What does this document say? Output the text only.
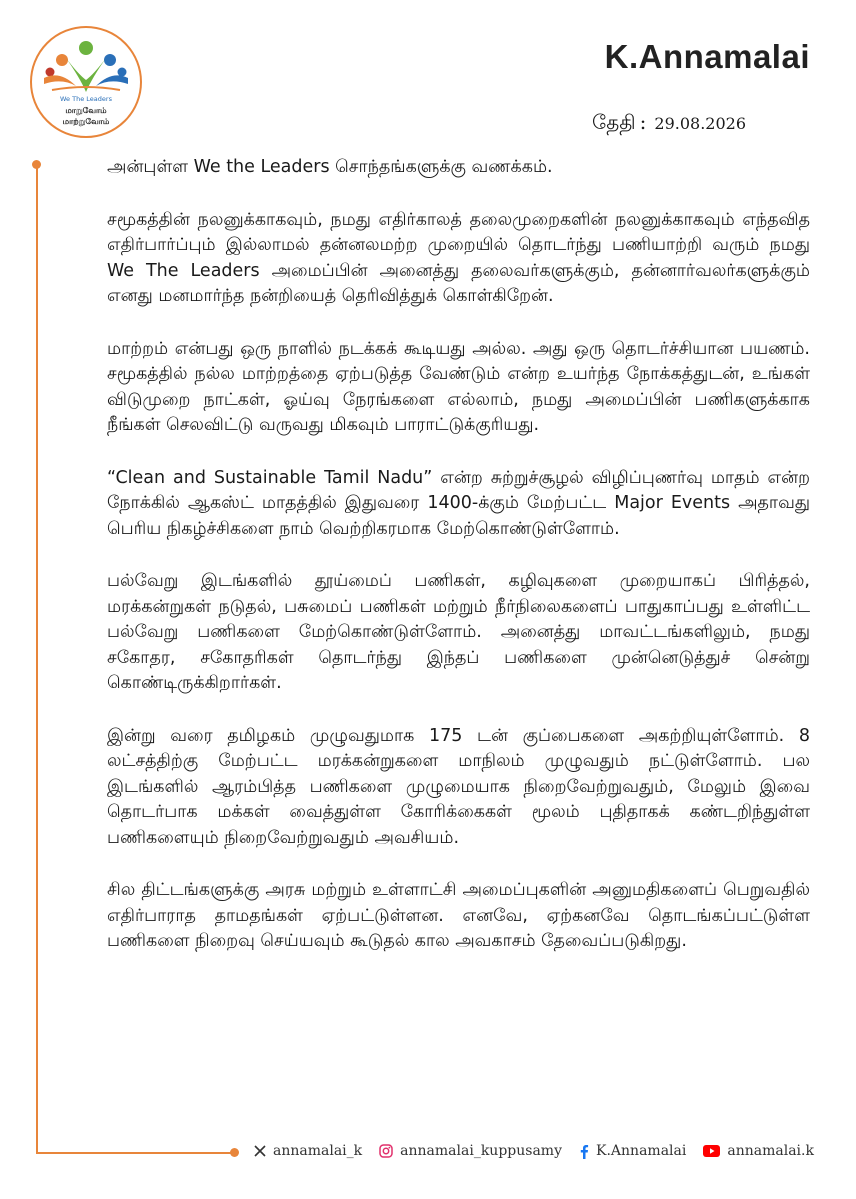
We The Leaders
மாறுவோம்
மாற்றுவோம்
K.Annamalai
தேதி : 29.08.2026

அன்புள்ள We the Leaders சொந்தங்களுக்கு வணக்கம்.

சமூகத்தின் நலனுக்காகவும், நமது எதிர்காலத் தலைமுறைகளின் நலனுக்காகவும் எந்தவித எதிர்பார்ப்பும் இல்லாமல் தன்னலமற்ற முறையில் தொடர்ந்து பணியாற்றி வரும் நமது We The Leaders அமைப்பின் அனைத்து தலைவர்களுக்கும், தன்னார்வலர்களுக்கும் எனது மனமார்ந்த நன்றியைத் தெரிவித்துக் கொள்கிறேன்.

மாற்றம் என்பது ஒரு நாளில் நடக்கக் கூடியது அல்ல. அது ஒரு தொடர்ச்சியான பயணம். சமூகத்தில் நல்ல மாற்றத்தை ஏற்படுத்த வேண்டும் என்ற உயர்ந்த நோக்கத்துடன், உங்கள் விடுமுறை நாட்கள், ஓய்வு நேரங்களை எல்லாம், நமது அமைப்பின் பணிகளுக்காக நீங்கள் செலவிட்டு வருவது மிகவும் பாராட்டுக்குரியது.

“Clean and Sustainable Tamil Nadu” என்ற சுற்றுச்சூழல் விழிப்புணர்வு மாதம் என்ற நோக்கில் ஆகஸ்ட் மாதத்தில் இதுவரை 1400-க்கும் மேற்பட்ட Major Events அதாவது பெரிய நிகழ்ச்சிகளை நாம் வெற்றிகரமாக மேற்கொண்டுள்ளோம்.

பல்வேறு இடங்களில் தூய்மைப் பணிகள், கழிவுகளை முறையாகப் பிரித்தல், மரக்கன்றுகள் நடுதல், பசுமைப் பணிகள் மற்றும் நீர்நிலைகளைப் பாதுகாப்பது உள்ளிட்ட பல்வேறு பணிகளை மேற்கொண்டுள்ளோம். அனைத்து மாவட்டங்களிலும், நமது சகோதர, சகோதரிகள் தொடர்ந்து இந்தப் பணிகளை முன்னெடுத்துச் சென்று கொண்டிருக்கிறார்கள்.

இன்று வரை தமிழகம் முழுவதுமாக 175 டன் குப்பைகளை அகற்றியுள்ளோம். 8 லட்சத்திற்கு மேற்பட்ட மரக்கன்றுகளை மாநிலம் முழுவதும் நட்டுள்ளோம். பல இடங்களில் ஆரம்பித்த பணிகளை முழுமையாக நிறைவேற்றுவதும், மேலும் இவை தொடர்பாக மக்கள் வைத்துள்ள கோரிக்கைகள் மூலம் புதிதாகக் கண்டறிந்துள்ள பணிகளையும் நிறைவேற்றுவதும் அவசியம்.

சில திட்டங்களுக்கு அரசு மற்றும் உள்ளாட்சி அமைப்புகளின் அனுமதிகளைப் பெறுவதில் எதிர்பாராத தாமதங்கள் ஏற்பட்டுள்ளன. எனவே, ஏற்கனவே தொடங்கப்பட்டுள்ள பணிகளை நிறைவு செய்யவும் கூடுதல் கால அவகாசம் தேவைப்படுகிறது.

annamalai_k	annamalai_kuppusamy K.Annamalai	annamalai.k
